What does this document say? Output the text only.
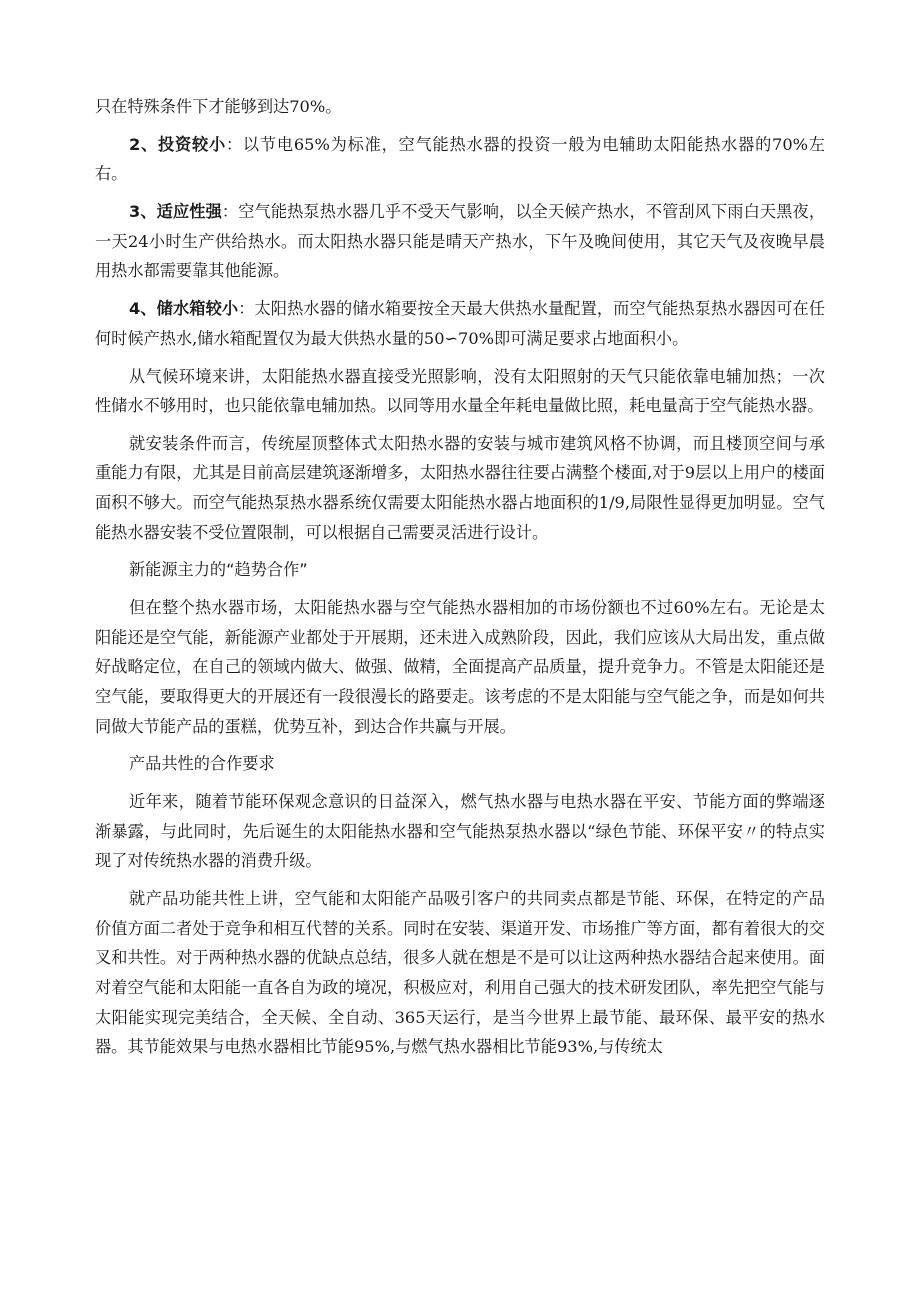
只在特殊条件下才能够到达70%。

2、投资较小：以节电65%为标准，空气能热水器的投资一般为电辅助太阳能热水器的70%左右。

3、适应性强：空气能热泵热水器几乎不受天气影响，以全天候产热水，不管刮风下雨白天黑夜，一天24小时生产供给热水。而太阳热水器只能是晴天产热水，下午及晚间使用，其它天气及夜晚早晨用热水都需要靠其他能源。

4、储水箱较小：太阳热水器的储水箱要按全天最大供热水量配置，而空气能热泵热水器因可在任何时候产热水,储水箱配置仅为最大供热水量的50∽70%即可满足要求占地面积小。

从气候环境来讲，太阳能热水器直接受光照影响，没有太阳照射的天气只能依靠电辅加热；一次性储水不够用时，也只能依靠电辅加热。以同等用水量全年耗电量做比照，耗电量高于空气能热水器。

就安装条件而言，传统屋顶整体式太阳热水器的安装与城市建筑风格不协调，而且楼顶空间与承重能力有限，尤其是目前高层建筑逐渐增多，太阳热水器往往要占满整个楼面,对于9层以上用户的楼面面积不够大。而空气能热泵热水器系统仅需要太阳能热水器占地面积的1/9,局限性显得更加明显。空气能热水器安装不受位置限制，可以根据自己需要灵活进行设计。

新能源主力的“趋势合作”

但在整个热水器市场，太阳能热水器与空气能热水器相加的市场份额也不过60%左右。无论是太阳能还是空气能，新能源产业都处于开展期，还未进入成熟阶段，因此，我们应该从大局出发，重点做好战略定位，在自己的领域内做大、做强、做精，全面提高产品质量，提升竞争力。不管是太阳能还是空气能，要取得更大的开展还有一段很漫长的路要走。该考虑的不是太阳能与空气能之争，而是如何共同做大节能产品的蛋糕，优势互补，到达合作共赢与开展。

产品共性的合作要求

近年来，随着节能环保观念意识的日益深入，燃气热水器与电热水器在平安、节能方面的弊端逐渐暴露，与此同时，先后诞生的太阳能热水器和空气能热泵热水器以“绿色节能、环保平安〃的特点实现了对传统热水器的消费升级。

就产品功能共性上讲，空气能和太阳能产品吸引客户的共同卖点都是节能、环保，在特定的产品价值方面二者处于竞争和相互代替的关系。同时在安装、渠道开发、市场推广等方面，都有着很大的交叉和共性。对于两种热水器的优缺点总结，很多人就在想是不是可以让这两种热水器结合起来使用。面对着空气能和太阳能一直各自为政的境况，积极应对，利用自己强大的技术研发团队，率先把空气能与太阳能实现完美结合，全天候、全自动、365天运行，是当今世界上最节能、最环保、最平安的热水器。其节能效果与电热水器相比节能95%,与燃气热水器相比节能93%,与传统太
